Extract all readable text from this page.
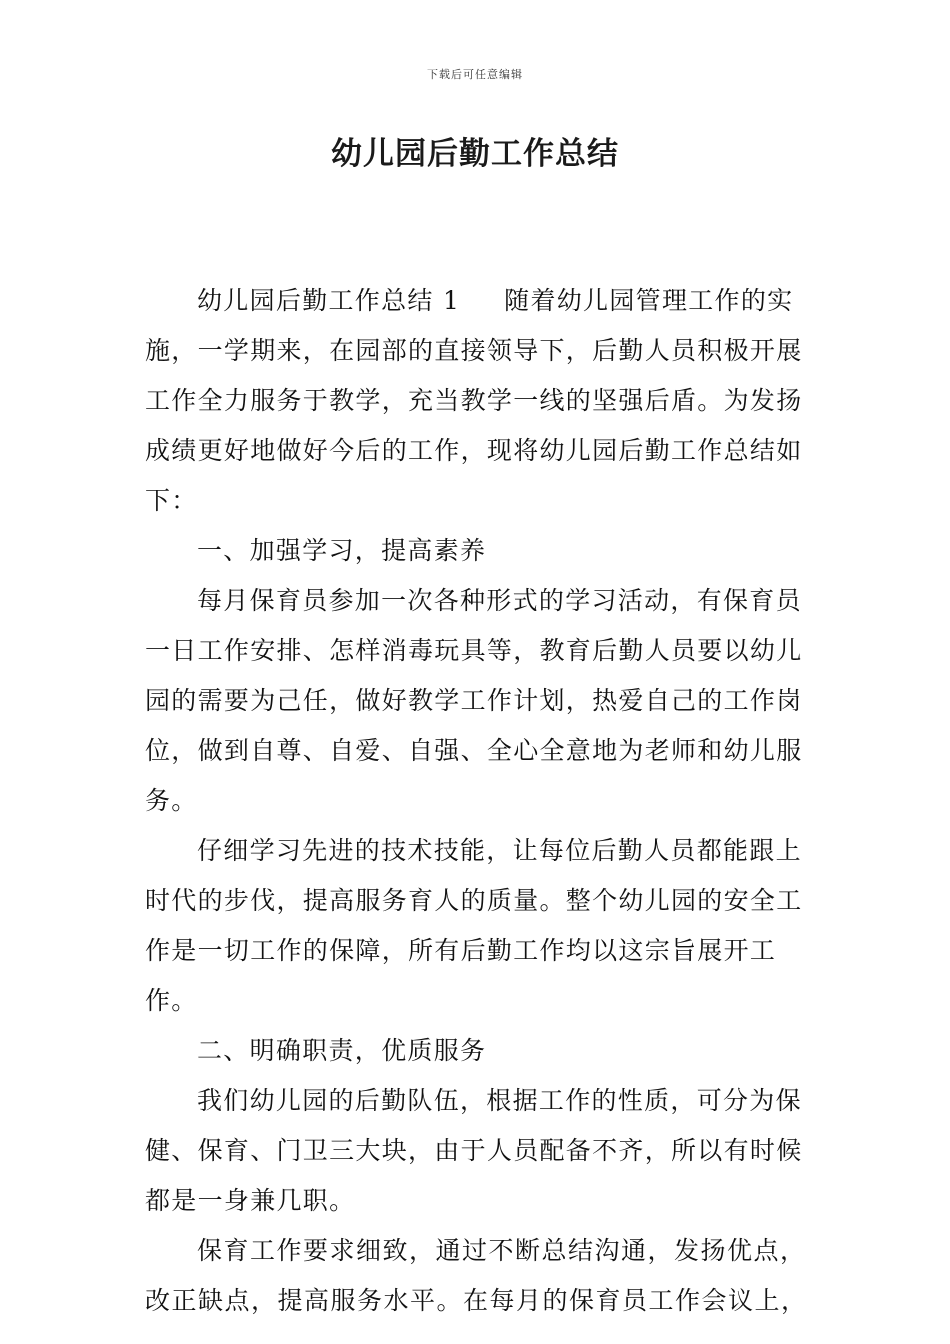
下载后可任意编辑
幼儿园后勤工作总结

幼儿园后勤工作总结 1 随着幼儿园管理工作的实施，一学期来，在园部的直接领导下，后勤人员积极开展工作全力服务于教学，充当教学一线的坚强后盾。为发扬成绩更好地做好今后的工作，现将幼儿园后勤工作总结如下：

一、加强学习，提高素养

每月保育员参加一次各种形式的学习活动，有保育员一日工作安排、怎样消毒玩具等，教育后勤人员要以幼儿园的需要为己任，做好教学工作计划，热爱自己的工作岗位，做到自尊、自爱、自强、全心全意地为老师和幼儿服务。

仔细学习先进的技术技能，让每位后勤人员都能跟上时代的步伐，提高服务育人的质量。整个幼儿园的安全工作是一切工作的保障，所有后勤工作均以这宗旨展开工作。

二、明确职责，优质服务

我们幼儿园的后勤队伍，根据工作的性质，可分为保健、保育、门卫三大块，由于人员配备不齐，所以有时候都是一身兼几职。

保育工作要求细致，通过不断总结沟通，发扬优点，改正缺点，提高服务水平。在每月的保育员工作会议上，
